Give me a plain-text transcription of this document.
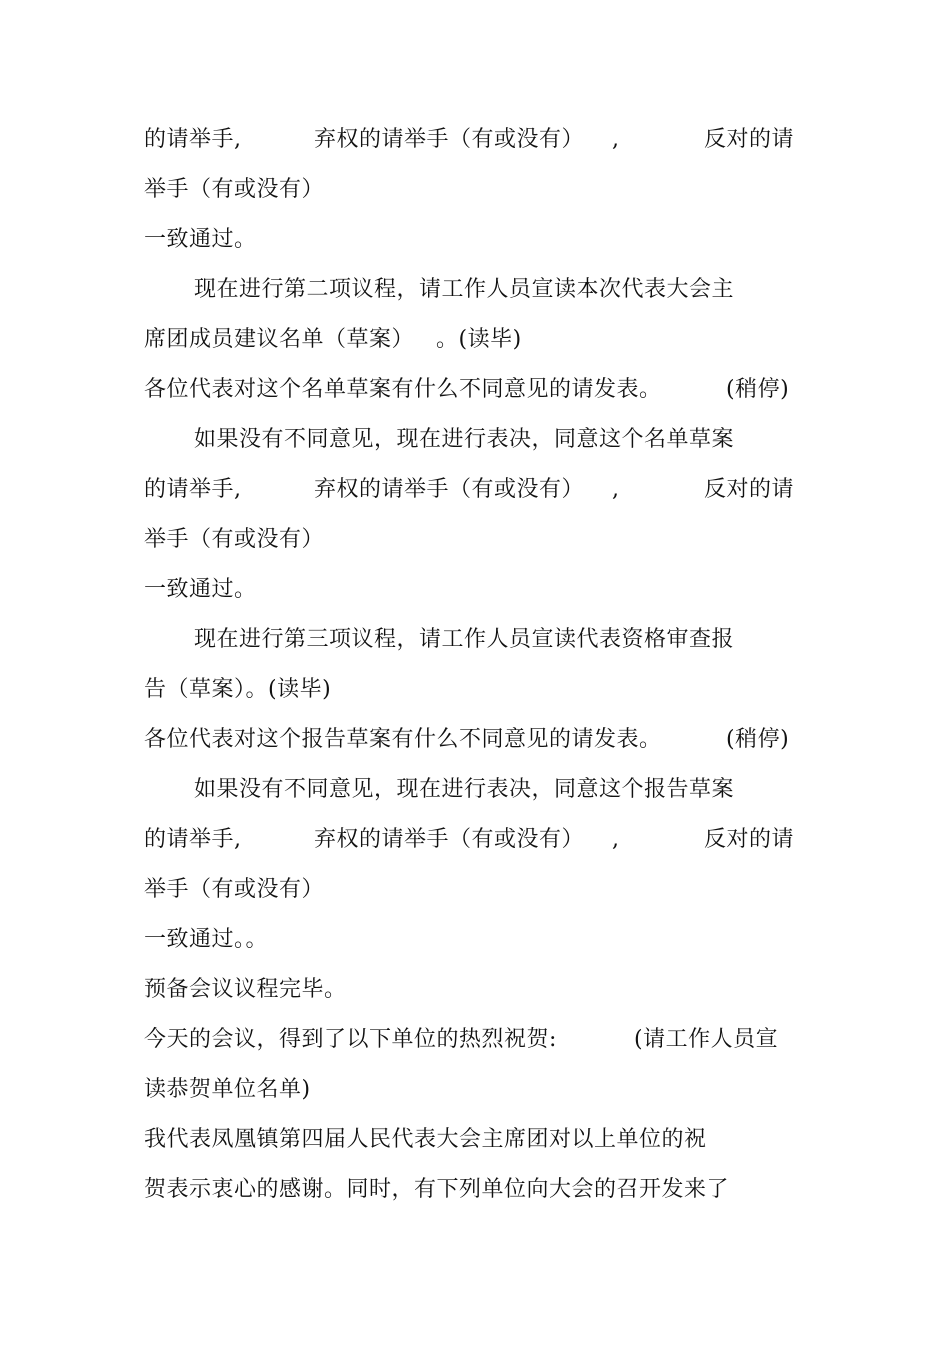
的请举手,	弃权的请举手（有或没有） ,	反对的请
举手（有或没有）
一致通过。
现在进行第二项议程，请工作人员宣读本次代表大会主
席团成员建议名单（草案） 。(读毕)
各位代表对这个名单草案有什么不同意见的请发表。	(稍停)
如果没有不同意见，现在进行表决，同意这个名单草案
的请举手,	弃权的请举手（有或没有） ,	反对的请
举手（有或没有）
一致通过。
现在进行第三项议程，请工作人员宣读代表资格审查报
告（草案）。(读毕)
各位代表对这个报告草案有什么不同意见的请发表。	(稍停)
如果没有不同意见，现在进行表决，同意这个报告草案
的请举手,	弃权的请举手（有或没有） ,	反对的请
举手（有或没有）
一致通过。。
预备会议议程完毕。
今天的会议，得到了以下单位的热烈祝贺:	(请工作人员宣
读恭贺单位名单)
我代表凤凰镇第四届人民代表大会主席团对以上单位的祝
贺表示衷心的感谢。同时，有下列单位向大会的召开发来了
